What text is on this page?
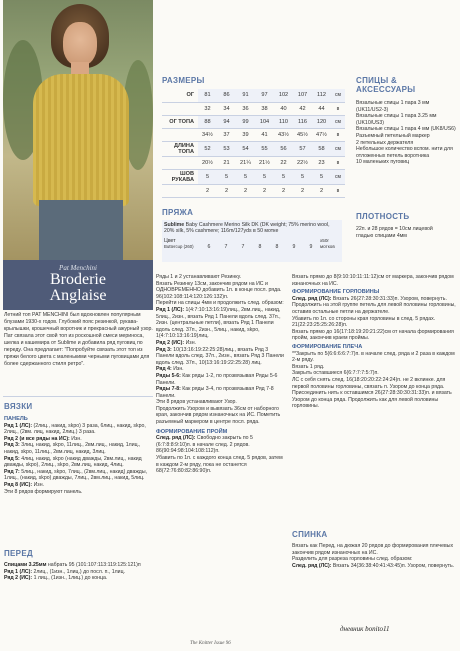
Pat Menchini
Broderie
Anglaise
Летний топ PAT MENCHINI был вдохновлен популярным блузами 1930-х годов. Глубокий пояс резинкой, рукава-крылышки, крошечный воротник и прекрасный ажурный узор. Пат связала этот свой топ из роскошной смеси мериноса, шелка и кашемира от Sublime и добавила ряд пуговиц по переду. Она предлагает: "Попробуйте связать этот топ из пряжи белого цвета с маленькими черными пуговицами для более сдержанного стиля ретро".
РАЗМЕРЫ
ОГ	81	86	91	97	102	107	112	см
	32	34	36	38	40	42	44	в
ОГ ТОПА	88	94	99	104	110	116	120	см
	34½	37	39	41	43½	45½	47½	в
ДЛИНА ТОПА	52	53	54	55	56	57	58	см
	20½	21	21¼	21½	22	22½	23	в
ШОВ РУКАВА	5	5	5	5	5	5	5	см
	2	2	2	2	2	2	2	в
ПРЯЖА
Sublime Baby Cashmere Merino Silk DK (DK weight; 75% merino wool, 20% silk, 5% cashmere; 116m/127yds в 50 мотке
Цвет
Buttercup (260)	6	7	7	8	8	9	9
x50г мотков
СПИЦЫ & АКСЕССУАРЫ
Вязальные спицы 1 пара 3 мм (UK11/US2-3)
Вязальные спицы 1 пара 3.25 мм (UK10/US3)
Вязальные спицы 1 пара 4 мм (UK8/US6)
Разъемный петельный маркер
2 петельных держателя
Небольшое количество вспом. нити для отложенных петель воротника
10 маленьких пуговиц
ПЛОТНОСТЬ
22п. и 28 рядов = 10см лицевой гладью спицами 4мм
ВЯЗКИ
ПАНЕЛЬ
Ряд 1 (ЛС): (2лиц., накид, skpo) 3 раза, 6лиц., накид, skpo, 2лиц., (2вм. лиц, накид, 2лиц.) 3 раза.
Ряд 2 (и все ряды на ИС): Изн.
Ряд 3: 3лиц, накид, skpo, 11лиц., 2вм.лиц., накид, 1лиц., накид, skpo, 11лиц., 2вм.лиц, накид, 3лиц.
Ряд 5: 4лиц, накид, skpo (накид дважды, 2вм.лиц., накид дважды, skpo), 2лиц., skpo, 2вм.лиц, накид, 4лиц.
Ряд 7: 5лиц., накид, skpo, 7лиц., (2вм.лиц., накид) дважды, 1лиц., (накид, skpo) дважды, 7лиц., 2вм.лиц., накид, 5лиц.
Ряд 8 (ИС): Изн.
Эти 8 рядов формируют панель.
ПЕРЕД
Спицами 3.25мм набрать 95 (101:107:113:119:125:121)п
Ряд 1 (ЛС): 2лиц., (1изн., 1лиц.) до посл. п., 1лиц.
Ряд 2 (ИС): 1 лиц., (1изн., 1лиц.) до конца.
Ряды 1 и 2 устанавливают Резинку.
Вязать Резинку 13см, закончив рядом на ИС и ОДНОВРЕМЕННО добавить 1п. в конце посл. ряда. 96(102:108:114:120:126:132)п.
Перейти на спицы 4мм и продолжить след. образом:
Ряд 1 (ЛС): 1(4:7:10:13:16:19)лиц., 2вм.лиц., накид, 5лиц., 2изн., вязать Ряд 1 Панели вдоль след. 37п., 2изн. (центральные петли), вязать Ряд 1 Панели вдоль след. 37п., 2изн., 5лиц., накид, skpo, 1(4:7:10:13:16:19)лиц.
Ряд 2 (ИС): Изн.
Ряд 3: 10(13:16:19:22:25:28)лиц., вязать Ряд 3 Панели вдоль след. 37п., 2изн., вязать Ряд 3 Панели вдоль след. 37п., 10(13:16:19:22:25:28) лиц.
Ряд 4: Изн.
Ряды 5-6: Как ряды 1-2, по прозвязывая Ряды 5-6 Панели.
Ряды 7-8: Как ряды 3-4, по прозвязывая Ряд 7-8 Панели.
Эти 8 рядов устанавливают Узор.
Продолжить Узором и вывязать 36см от наборного края, закончив рядом изнаночных на ИС. Пометить разъемный маркером в центре посл. ряда.
ФОРМИРОВАНИЕ ПРОЙМ
След. ряд (ЛС): Свободно закрыть по 5 (6:7:8:8:9:10)п. в начале след. 2 рядов. 86(90:94:98:104:108:112)п.
Убавить по 1п. с каждого конца след. 5 рядов, затем в каждом 2-м ряду, пока не останется 68(72:76:80:82:86:90)п.
Вязать прямо до 8(9:10:10:11:11:12)см от маркера, закончив рядом изнаночных на ИС.
ФОРМИРОВАНИЕ ГОРЛОВИНЫ
След. ряд (ЛС): Вязать 26(27:28:30:31:33)п. Узором, повернуть.
Продолжить на этой группе петель для левой половины горловины, оставив остальные петли на держателе.
Убавить по 1п. со стороны края горловины в след. 5 рядах. 21(22:23:25:25:26:28)п.
Вязать прямо до 16(17:18:19:20:21:22)см от начала формирования пройм, закончив краем проймы.
ФОРМИРОВАНИЕ ПЛЕЧА
**Закрыть по 5(6:6:6:6:7:7)п. в начале след. ряда и 2 раза в каждом 2-м ряду.
Вязать 1 ряд.
Закрыть оставшиеся 6(6:7:7:7:5:7)п.
ЛС с себя снять след. 16(18:20:20:22:24:24)п. не 2 вклинке. для первой половины горловины, связать п. Узором до конца ряда.
Присоединить нить к оставшимся 26(27:28:30:30:31:33)п. и вязать Узором до конца ряда. Продолжить как для левой половины горловины.
СПИНКА
Вязать как Перед, на дюжая 20 рядов до формирования плечевых закончив рядом изнаночных на ИС.
Разделить для разреза горловины след. образом:
След. ряд (ЛС): Вязать 34(36:38:40:41:43:45)п. Узором, повернуть.
дневник bonito11
The Knitter Issue 96
